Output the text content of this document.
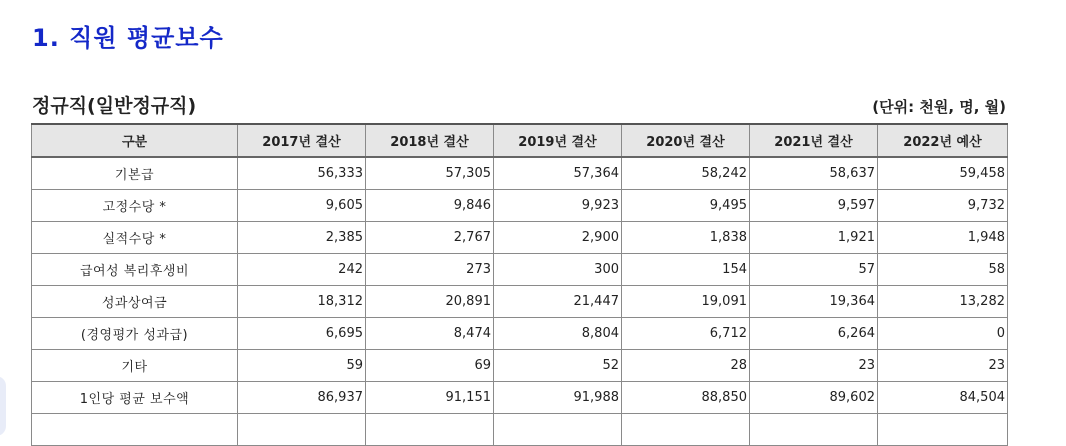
1. 직원 평균보수
정규직(일반정규직)	(단위: 천원, 명, 월)
구분	2017년 결산	2018년 결산	2019년 결산	2020년 결산	2021년 결산	2022년 예산
기본급	56,333	57,305	57,364	58,242	58,637	59,458
고정수당 *	9,605	9,846	9,923	9,495	9,597	9,732
실적수당 *	2,385	2,767	2,900	1,838	1,921	1,948
급여성 복리후생비	242	273	300	154	57	58
성과상여금	18,312	20,891	21,447	19,091	19,364	13,282
(경영평가 성과급)	6,695	8,474	8,804	6,712	6,264	0
기타	59	69	52	28	23	23
1인당 평균 보수액	86,937	91,151	91,988	88,850	89,602	84,504
